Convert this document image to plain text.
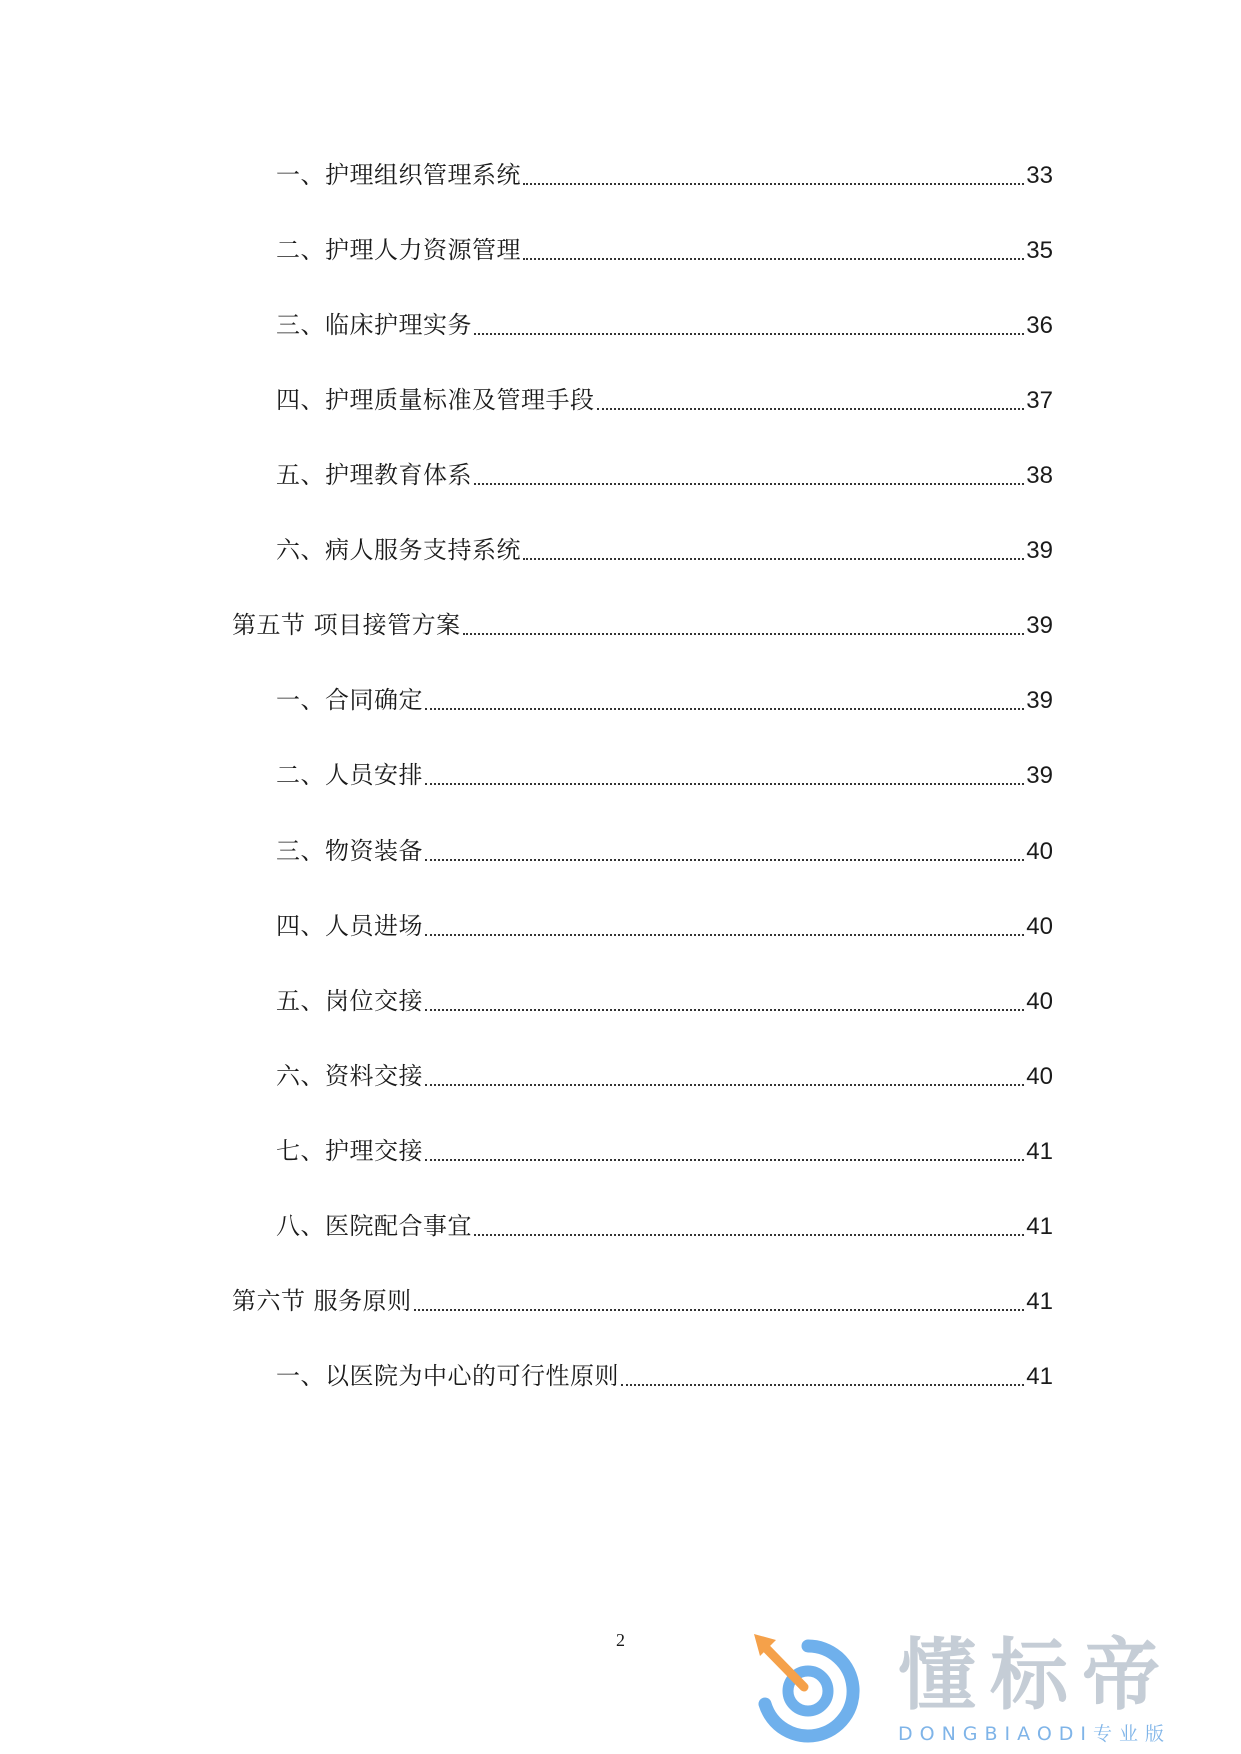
一、护理组织管理系统	33
二、护理人力资源管理	35
三、临床护理实务	36
四、护理质量标准及管理手段	37
五、护理教育体系	38
六、病人服务支持系统	39
第五节 项目接管方案	39
一、合同确定	39
二、人员安排	39
三、物资装备	40
四、人员进场	40
五、岗位交接	40
六、资料交接	40
七、护理交接	41
八、医院配合事宜	41
第六节 服务原则	41
一、以医院为中心的可行性原则	41
2	懂标帝
DONGBIAODI专业版
